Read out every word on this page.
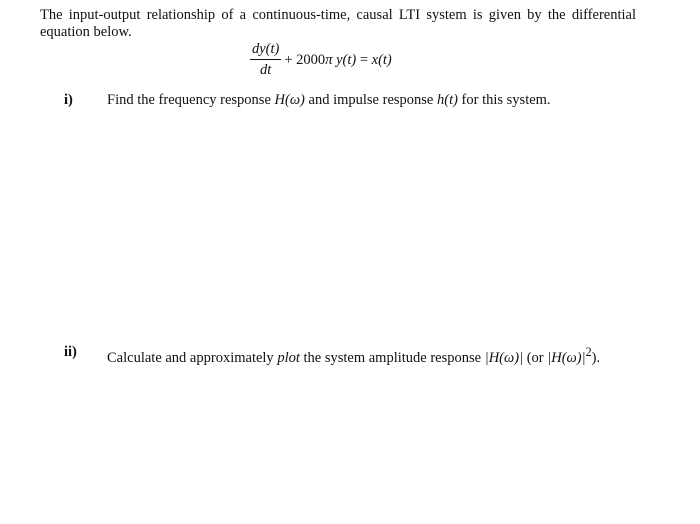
The input-output relationship of a continuous-time, causal LTI system is given by the differential equation below.
$\frac{dy(t)}{dt} + 2000\pi$ y(t) = x(t)
i) Find the frequency response H(ω) and impulse response h(t) for this system.
ii) Calculate and approximately plot the system amplitude response |H(ω)| (or $|H(\omega)|^2$).
